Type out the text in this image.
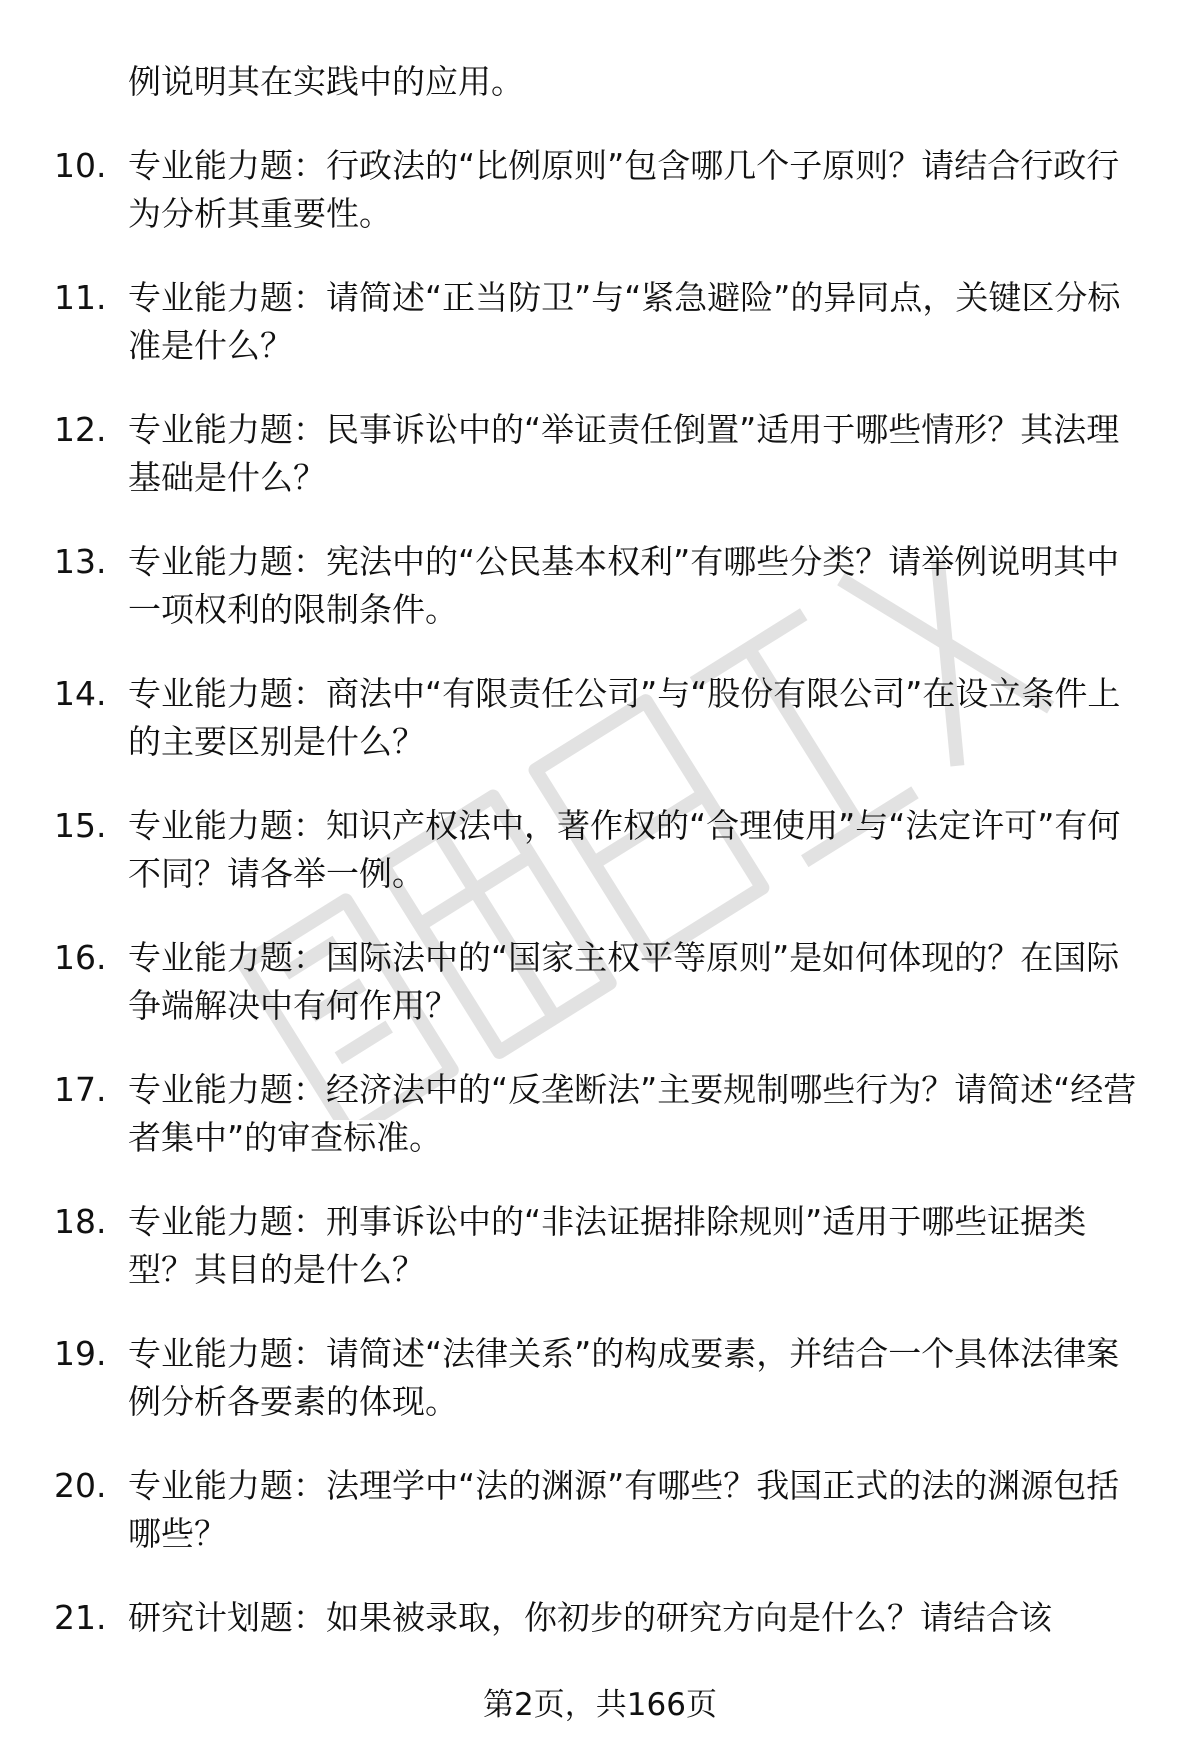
例说明其在实践中的应用。
10. 专业能力题：行政法的“比例原则”包含哪几个子原则？请结合行政行为分析其重要性。
11. 专业能力题：请简述“正当防卫”与“紧急避险”的异同点，关键区分标准是什么？
12. 专业能力题：民事诉讼中的“举证责任倒置”适用于哪些情形？其法理基础是什么？
13. 专业能力题：宪法中的“公民基本权利”有哪些分类？请举例说明其中一项权利的限制条件。
14. 专业能力题：商法中“有限责任公司”与“股份有限公司”在设立条件上的主要区别是什么？
15. 专业能力题：知识产权法中，著作权的“合理使用”与“法定许可”有何不同？请各举一例。
16. 专业能力题：国际法中的“国家主权平等原则”是如何体现的？在国际争端解决中有何作用？
17. 专业能力题：经济法中的“反垄断法”主要规制哪些行为？请简述“经营者集中”的审查标准。
18. 专业能力题：刑事诉讼中的“非法证据排除规则”适用于哪些证据类型？其目的是什么？
19. 专业能力题：请简述“法律关系”的构成要素，并结合一个具体法律案例分析各要素的体现。
20. 专业能力题：法理学中“法的渊源”有哪些？我国正式的法的渊源包括哪些？
21. 研究计划题：如果被录取，你初步的研究方向是什么？请结合该
第2页，共166页
